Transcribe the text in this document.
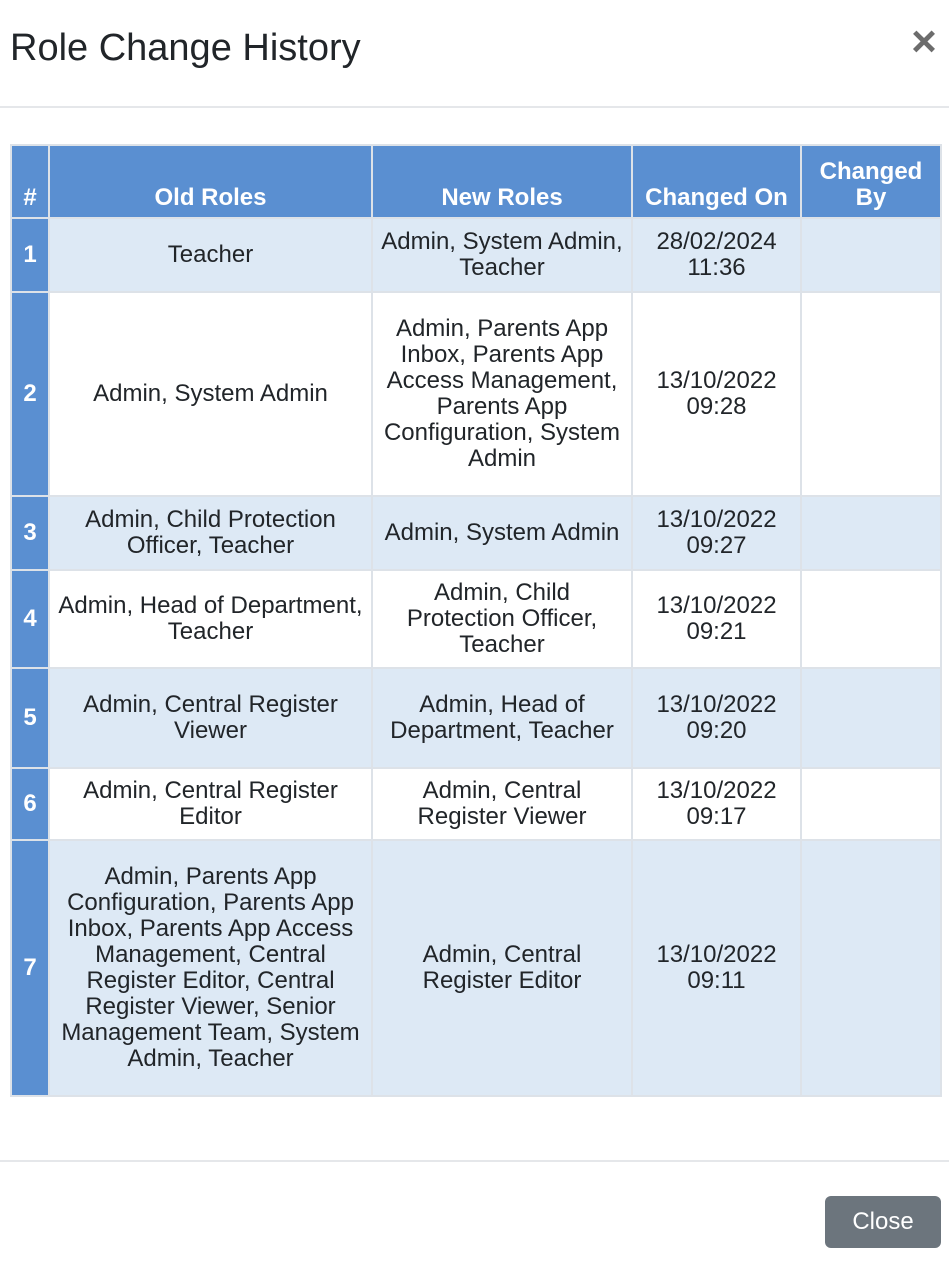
Role Change History	×
#	Old Roles	New Roles	Changed On	Changed By
1	Teacher	Admin, System Admin, Teacher	28/02/2024 11:36	
2	Admin, System Admin	Admin, Parents App Inbox, Parents App Access Management, Parents App Configuration, System Admin	13/10/2022 09:28	
3	Admin, Child Protection Officer, Teacher	Admin, System Admin	13/10/2022 09:27	
4	Admin, Head of Department, Teacher	Admin, Child Protection Officer, Teacher	13/10/2022 09:21	
5	Admin, Central Register Viewer	Admin, Head of Department, Teacher	13/10/2022 09:20	
6	Admin, Central Register Editor	Admin, Central Register Viewer	13/10/2022 09:17	
7	Admin, Parents App Configuration, Parents App Inbox, Parents App Access Management, Central Register Editor, Central Register Viewer, Senior Management Team, System Admin, Teacher	Admin, Central Register Editor	13/10/2022 09:11	
Close
